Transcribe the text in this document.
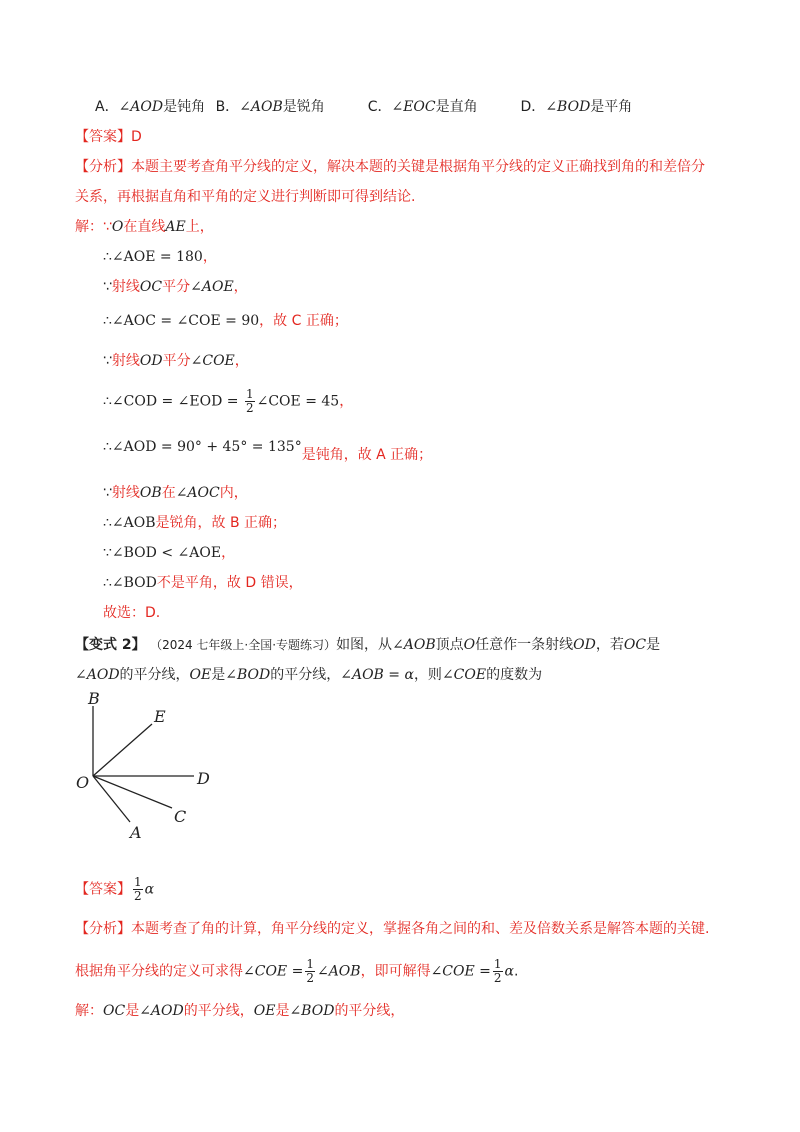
A．∠AOD是钝角 B．∠AOB是锐角	C．∠EOC是直角	D．∠BOD是平角
【答案】D
【分析】本题主要考查角平分线的定义，解决本题的关键是根据角平分线的定义正确找到角的和差倍分
关系，再根据直角和平角的定义进行判断即可得到结论.
解：∵O在直线AE上，
∴∠AOE = 180，
∵射线OC平分∠AOE，
∴∠AOC = ∠COE = 90，故 C 正确；
∵射线OD平分∠COE，
∴∠COD = ∠EOD = $\frac{1}{2}$ ∠COE = 45，
∴∠AOD = 90° + 45° = 135°是钝角，故 A 正确；
∵射线OB在∠AOC内，
∴∠AOB是锐角，故 B 正确；
∵∠BOD < ∠AOE，
∴∠BOD不是平角，故 D 错误，
故选：D.
【变式 2】 （2024 七年级上·全国·专题练习）如图，从∠AOB顶点O任意作一条射线OD，若OC是
∠AOD的平分线，OE是∠BOD的平分线，∠AOB = α，则∠COE的度数为
B
E
O	D
C
A
【答案】 $\frac{1}{2}$ α
【分析】本题考查了角的计算，角平分线的定义，掌握各角之间的和、差及倍数关系是解答本题的关键.
根据角平分线的定义可求得∠COE = $\frac{1}{2}$ ∠AOB，即可解得∠COE = $\frac{1}{2} \alpha$.
解：OC是∠AOD的平分线，OE是∠BOD的平分线，
